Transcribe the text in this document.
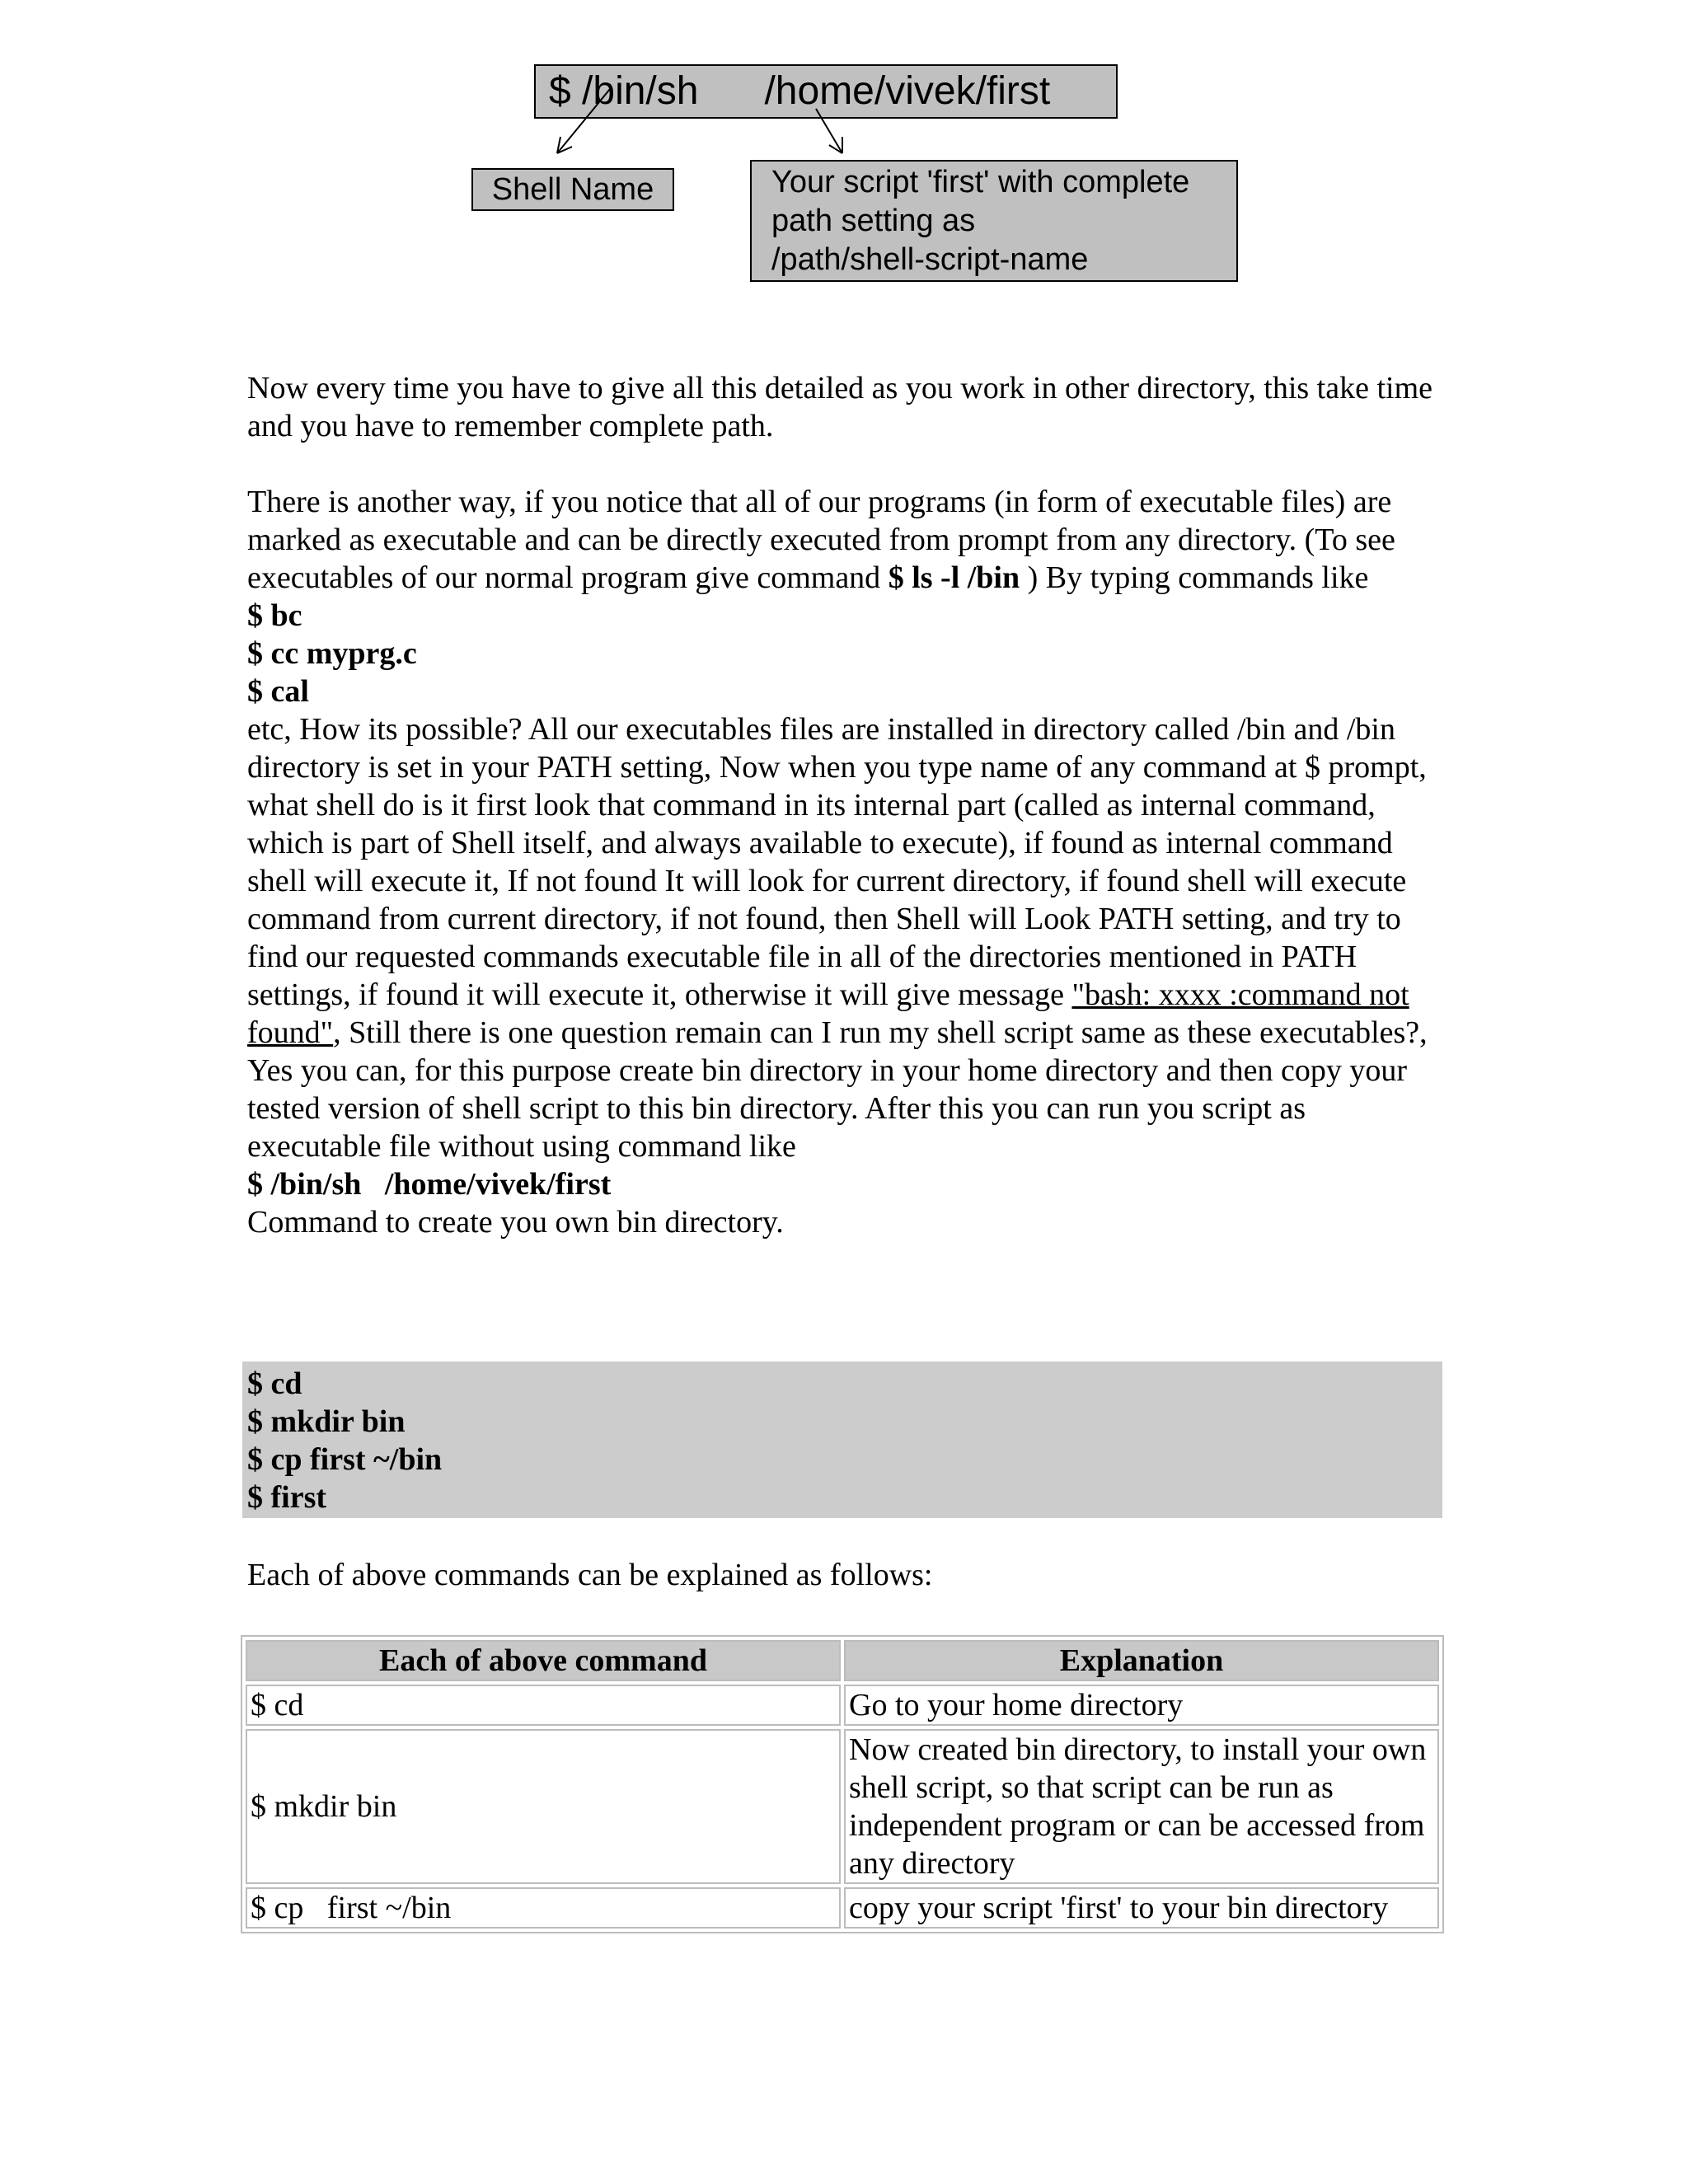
$ /bin/sh      /home/vivek/first
Shell Name	Your script 'first' with complete
path setting as
/path/shell-script-name

Now every time you have to give all this detailed as you work in other directory, this take time and you have to remember complete path.

There is another way, if you notice that all of our programs (in form of executable files) are marked as executable and can be directly executed from prompt from any directory. (To see executables of our normal program give command $ ls -l /bin ) By typing commands like

$ bc

$ cc myprg.c

$ cal

etc, How its possible? All our executables files are installed in directory called /bin and /bin directory is set in your PATH setting, Now when you type name of any command at $ prompt, what shell do is it first look that command in its internal part (called as internal command, which is part of Shell itself, and always available to execute), if found as internal command shell will execute it, If not found It will look for current directory, if found shell will execute command from current directory, if not found, then Shell will Look PATH setting, and try to find our requested commands executable file in all of the directories mentioned in PATH settings, if found it will execute it, otherwise it will give message "bash: xxxx :command not found", Still there is one question remain can I run my shell script same as these executables?, Yes you can, for this purpose create bin directory in your home directory and then copy your tested version of shell script to this bin directory. After this you can run you script as executable file without using command like

$ /bin/sh   /home/vivek/first

Command to create you own bin directory.

$ cd
$ mkdir bin
$ cp first ~/bin
$ first
Each of above commands can be explained as follows:
Each of above command	Explanation
$ cd	Go to your home directory
$ mkdir bin	Now created bin directory, to install your own shell script, so that script can be run as independent program or can be accessed from any directory
$ cp   first ~/bin	copy your script 'first' to your bin directory
